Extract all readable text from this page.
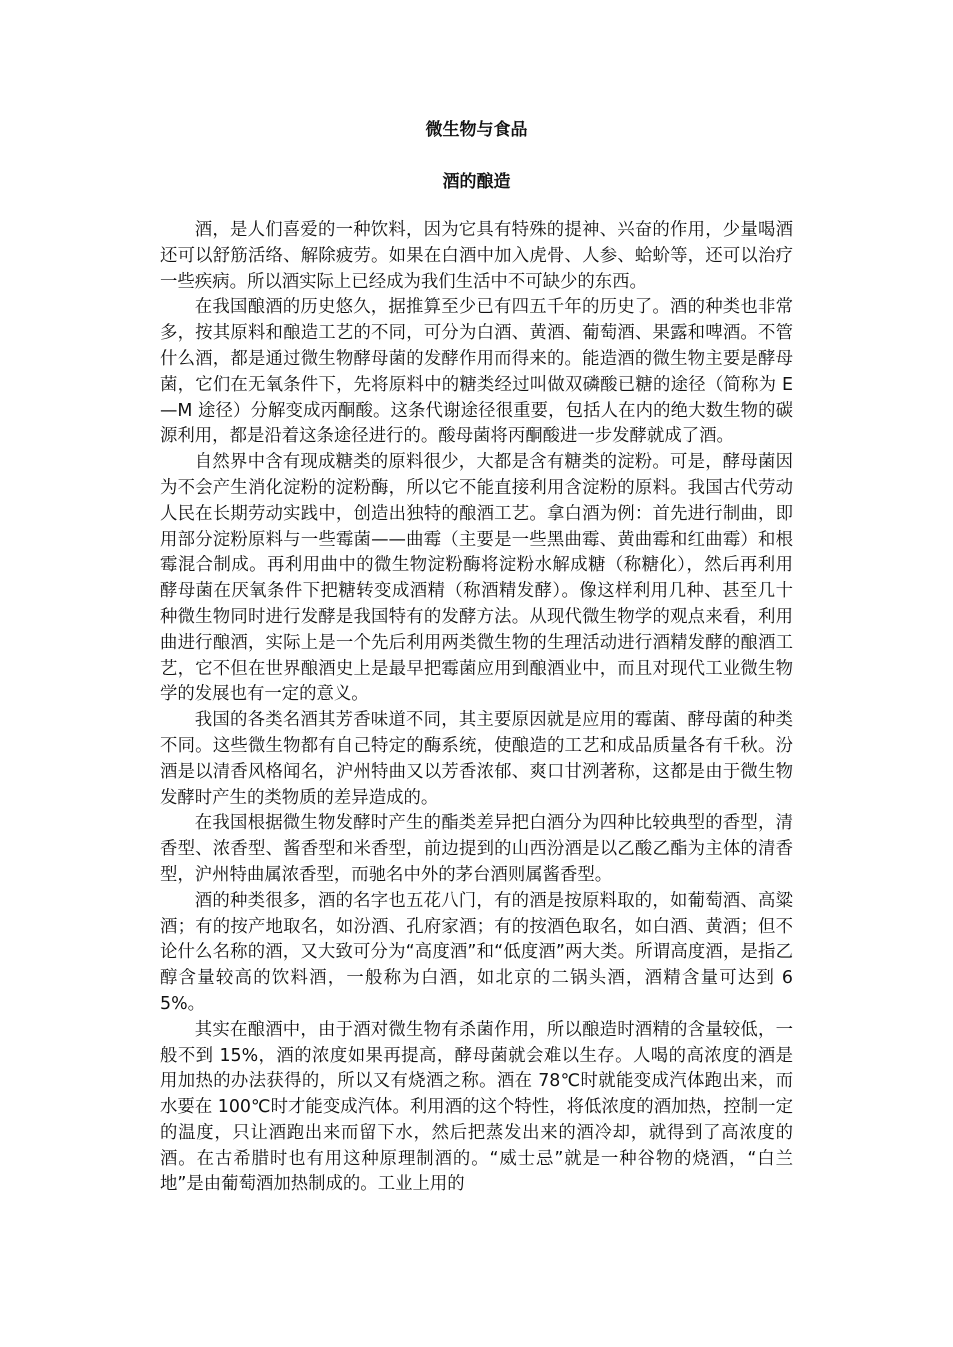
微生物与食品
酒的酿造

酒，是人们喜爱的一种饮料，因为它具有特殊的提神、兴奋的作用，少量喝酒还可以舒筋活络、解除疲劳。如果在白酒中加入虎骨、人参、蛤蚧等，还可以治疗一些疾病。所以酒实际上已经成为我们生活中不可缺少的东西。

在我国酿酒的历史悠久，据推算至少已有四五千年的历史了。酒的种类也非常多，按其原料和酿造工艺的不同，可分为白酒、黄酒、葡萄酒、果露和啤酒。不管什么酒，都是通过微生物酵母菌的发酵作用而得来的。能造酒的微生物主要是酵母菌，它们在无氧条件下，先将原料中的糖类经过叫做双磷酸已糖的途径（简称为 E—M 途径）分解变成丙酮酸。这条代谢途径很重要，包括人在内的绝大数生物的碳源利用，都是沿着这条途径进行的。酸母菌将丙酮酸进一步发酵就成了酒。

自然界中含有现成糖类的原料很少，大都是含有糖类的淀粉。可是，酵母菌因为不会产生消化淀粉的淀粉酶，所以它不能直接利用含淀粉的原料。我国古代劳动人民在长期劳动实践中，创造出独特的酿酒工艺。拿白酒为例：首先进行制曲，即用部分淀粉原料与一些霉菌——曲霉（主要是一些黑曲霉、黄曲霉和红曲霉）和根霉混合制成。再利用曲中的微生物淀粉酶将淀粉水解成糖（称糖化），然后再利用酵母菌在厌氧条件下把糖转变成酒精（称酒精发酵）。像这样利用几种、甚至几十种微生物同时进行发酵是我国特有的发酵方法。从现代微生物学的观点来看，利用曲进行酿酒，实际上是一个先后利用两类微生物的生理活动进行酒精发酵的酿酒工艺，它不但在世界酿酒史上是最早把霉菌应用到酿酒业中，而且对现代工业微生物学的发展也有一定的意义。

我国的各类名酒其芳香味道不同，其主要原因就是应用的霉菌、酵母菌的种类不同。这些微生物都有自己特定的酶系统，使酿造的工艺和成品质量各有千秋。汾酒是以清香风格闻名，沪州特曲又以芳香浓郁、爽口甘洌著称，这都是由于微生物发酵时产生的类物质的差异造成的。

在我国根据微生物发酵时产生的酯类差异把白酒分为四种比较典型的香型，清香型、浓香型、酱香型和米香型，前边提到的山西汾酒是以乙酸乙酯为主体的清香型，沪州特曲属浓香型，而驰名中外的茅台酒则属酱香型。

酒的种类很多，酒的名字也五花八门，有的酒是按原料取的，如葡萄酒、高粱酒；有的按产地取名，如汾酒、孔府家酒；有的按酒色取名，如白酒、黄酒；但不论什么名称的酒，又大致可分为“高度酒”和“低度酒”两大类。所谓高度酒，是指乙醇含量较高的饮料酒，一般称为白酒，如北京的二锅头酒，酒精含量可达到 65%。

其实在酿酒中，由于酒对微生物有杀菌作用，所以酿造时酒精的含量较低，一般不到 15%，酒的浓度如果再提高，酵母菌就会难以生存。人喝的高浓度的酒是用加热的办法获得的，所以又有烧酒之称。酒在 78℃时就能变成汽体跑出来，而水要在 100℃时才能变成汽体。利用酒的这个特性，将低浓度的酒加热，控制一定的温度，只让酒跑出来而留下水，然后把蒸发出来的酒冷却，就得到了高浓度的酒。在古希腊时也有用这种原理制酒的。“威士忌”就是一种谷物的烧酒，“白兰地”是由葡萄酒加热制成的。工业上用的
